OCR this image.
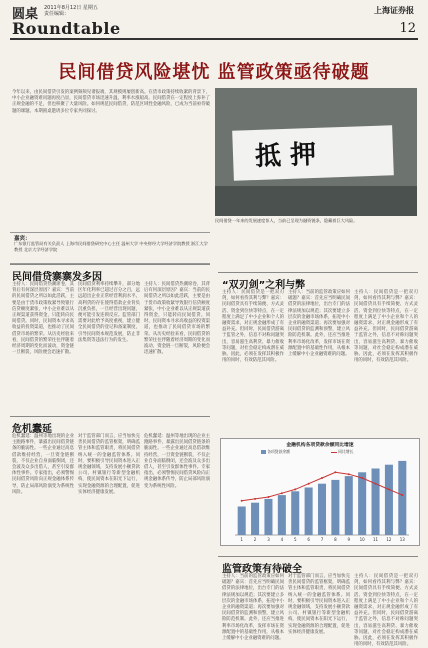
圆桌 2011年8月12日 星期五
责任编辑：	上海证券报
Roundtable	12
民间借贷风险堪忧 监管政策亟待破题
今年以来，由民间借贷引发的案例频频见诸报端，其规模则屡创新高。在货币政策持续收紧的背景下，中小企业融资难问题再度凸显，民间借贷市场迅速升温，利率水涨船高。民间借贷在一定程度上弥补了正规金融的不足，但也积聚了大量风险。如何规范民间借贷，防范区域性金融风险，已成为当前亟待破题的课题。本期圆桌邀请多位专家共同探讨。
抵 押
民间借贷一年来的发展速度惊人，当前已呈现为融资链条，隐藏着巨大风险。
嘉宾：
广东银行监管局有关负责人 上海市民间借贷研究中心主任 温州大学 中央财经大学经济学院教授 浙江大学教授 北京大学经济学院
民间借贷寨寨发多因
危机蠢延
“双刃剑”之利与弊
监管政策有待破全
主持人：民间借贷热潮席卷，其背后有何深层原因？嘉宾：当前的民间借贷之所以如此活跃，主要是由于货币政策收紧导致银行信贷额度紧张，中小企业难以从正规渠道获得资金，只能转向民间借贷。同时，民间资本寻求高收益的投资渠道，也推动了民间借贷市场的繁荣。从历史经验来看，民间借贷的繁荣往往伴随着经济周期的变化而波动，资金链一旦断裂，风险便会迅速扩散。
民间借贷利率持续攀升，部分地区年化利率已超过百分之百，远远超出企业正常经营利润水平。高利贷的存在使得借款企业背负沉重负担，一旦经营出现问题，便可能引发连锁反应。监管部门需要对此给予高度重视，建立健全民间借贷的登记和备案制度，引导民间资本规范发展，防止非法集资等违法行为的发生。
主持人：民间借贷热潮席卷，其背后有何深层原因？嘉宾：当前的民间借贷之所以如此活跃，主要是由于货币政策收紧导致银行信贷额度紧张，中小企业难以从正规渠道获得资金，只能转向民间借贷。同时，民间资本寻求高收益的投资渠道，也推动了民间借贷市场的繁荣。从历史经验来看，民间借贷的繁荣往往伴随着经济周期的变化而波动，资金链一旦断裂，风险便会迅速扩散。
危机蠢延：温州等地出现的企业主跑路事件，暴露出民间借贷链条的脆弱性。一些企业通过高息借款维持经营，一旦资金链断裂，不仅企业自身面临倒闭，还会波及众多出借人，甚至引发群体性事件。专家指出，必须警惕民间借贷风险向正规金融体系传导，防止局部风险演变为系统性风险。
对于监管部门而言，应当加快完善民间借贷的监管框架，明确监管主体和监管职责，将民间借贷纳入统一的金融监管体系。同时，要积极引导民间资本进入正规金融领域，支持发展小额贷款公司、村镇银行等新型金融机构，使民间资本在阳光下运行，实现金融资源的合理配置，促进实体经济健康发展。
危机蠢延：温州等地出现的企业主跑路事件，暴露出民间借贷链条的脆弱性。一些企业通过高息借款维持经营，一旦资金链断裂，不仅企业自身面临倒闭，还会波及众多出借人，甚至引发群体性事件。专家指出，必须警惕民间借贷风险向正规金融体系传导，防止局部风险演变为系统性风险。
主持人：民间借贷是一把双刃剑，如何看待其利与弊？嘉宾：民间借贷具有手续简便、方式灵活、资金到位快等特点，在一定程度上满足了中小企业和个人的融资需求，对正规金融形成了有益补充。但同时，民间借贷游离于监管之外，信息不对称问题突出，容易滋生高利贷、暴力催收等问题，对社会稳定构成潜在威胁。因此，必须在发挥其积极作用的同时，有效防范其风险。
主持人：当前的监管政策应如何破题？嘉宾：首先应当明确民间借贷的法律地位，出台专门的法律法规加以规范；其次要建立多层次的金融市场体系，拓宽中小企业的融资渠道；再次要加强对民间借贷的监测和预警，建立风险防范机制。此外，还应当推进利率市场化改革，发挥市场在资源配置中的基础性作用，从根本上缓解中小企业融资难的问题。
主持人：民间借贷是一把双刃剑，如何看待其利与弊？嘉宾：民间借贷具有手续简便、方式灵活、资金到位快等特点，在一定程度上满足了中小企业和个人的融资需求，对正规金融形成了有益补充。但同时，民间借贷游离于监管之外，信息不对称问题突出，容易滋生高利贷、暴力催收等问题，对社会稳定构成潜在威胁。因此，必须在发挥其积极作用的同时，有效防范其风险。
主持人：当前的监管政策应如何破题？嘉宾：首先应当明确民间借贷的法律地位，出台专门的法律法规加以规范；其次要建立多层次的金融市场体系，拓宽中小企业的融资渠道；再次要加强对民间借贷的监测和预警，建立风险防范机制。此外，还应当推进利率市场化改革，发挥市场在资源配置中的基础性作用，从根本上缓解中小企业融资难的问题。
对于监管部门而言，应当加快完善民间借贷的监管框架，明确监管主体和监管职责，将民间借贷纳入统一的金融监管体系。同时，要积极引导民间资本进入正规金融领域，支持发展小额贷款公司、村镇银行等新型金融机构，使民间资本在阳光下运行，实现金融资源的合理配置，促进实体经济健康发展。
主持人：民间借贷是一把双刃剑，如何看待其利与弊？嘉宾：民间借贷具有手续简便、方式灵活、资金到位快等特点，在一定程度上满足了中小企业和个人的融资需求，对正规金融形成了有益补充。但同时，民间借贷游离于监管之外，信息不对称问题突出，容易滋生高利贷、暴力催收等问题，对社会稳定构成潜在威胁。因此，必须在发挥其积极作用的同时，有效防范其风险。
金融机构各项贷款余额同比增速
各项贷款余额	同比增长
1	2	3	4	5	6	7	8	9 10 11 12 13
